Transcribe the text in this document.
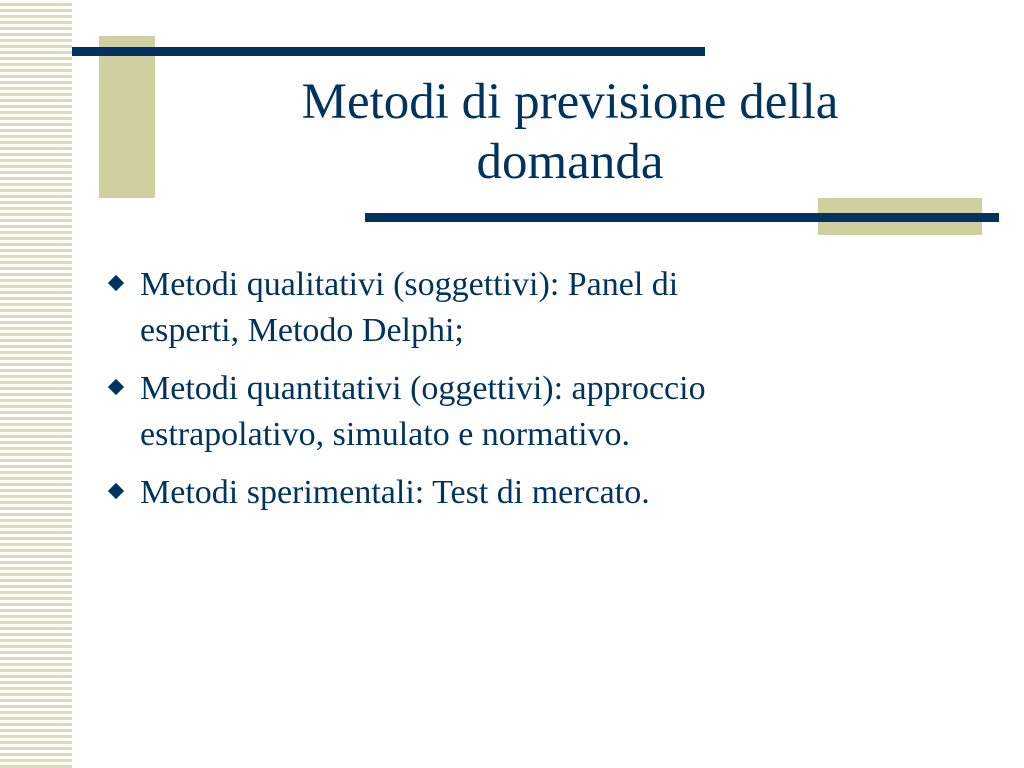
Metodi di previsione della
domanda
Metodi qualitativi (soggettivi): Panel di
esperti, Metodo Delphi;
Metodi quantitativi (oggettivi): approccio
estrapolativo, simulato e normativo.
Metodi sperimentali: Test di mercato.
